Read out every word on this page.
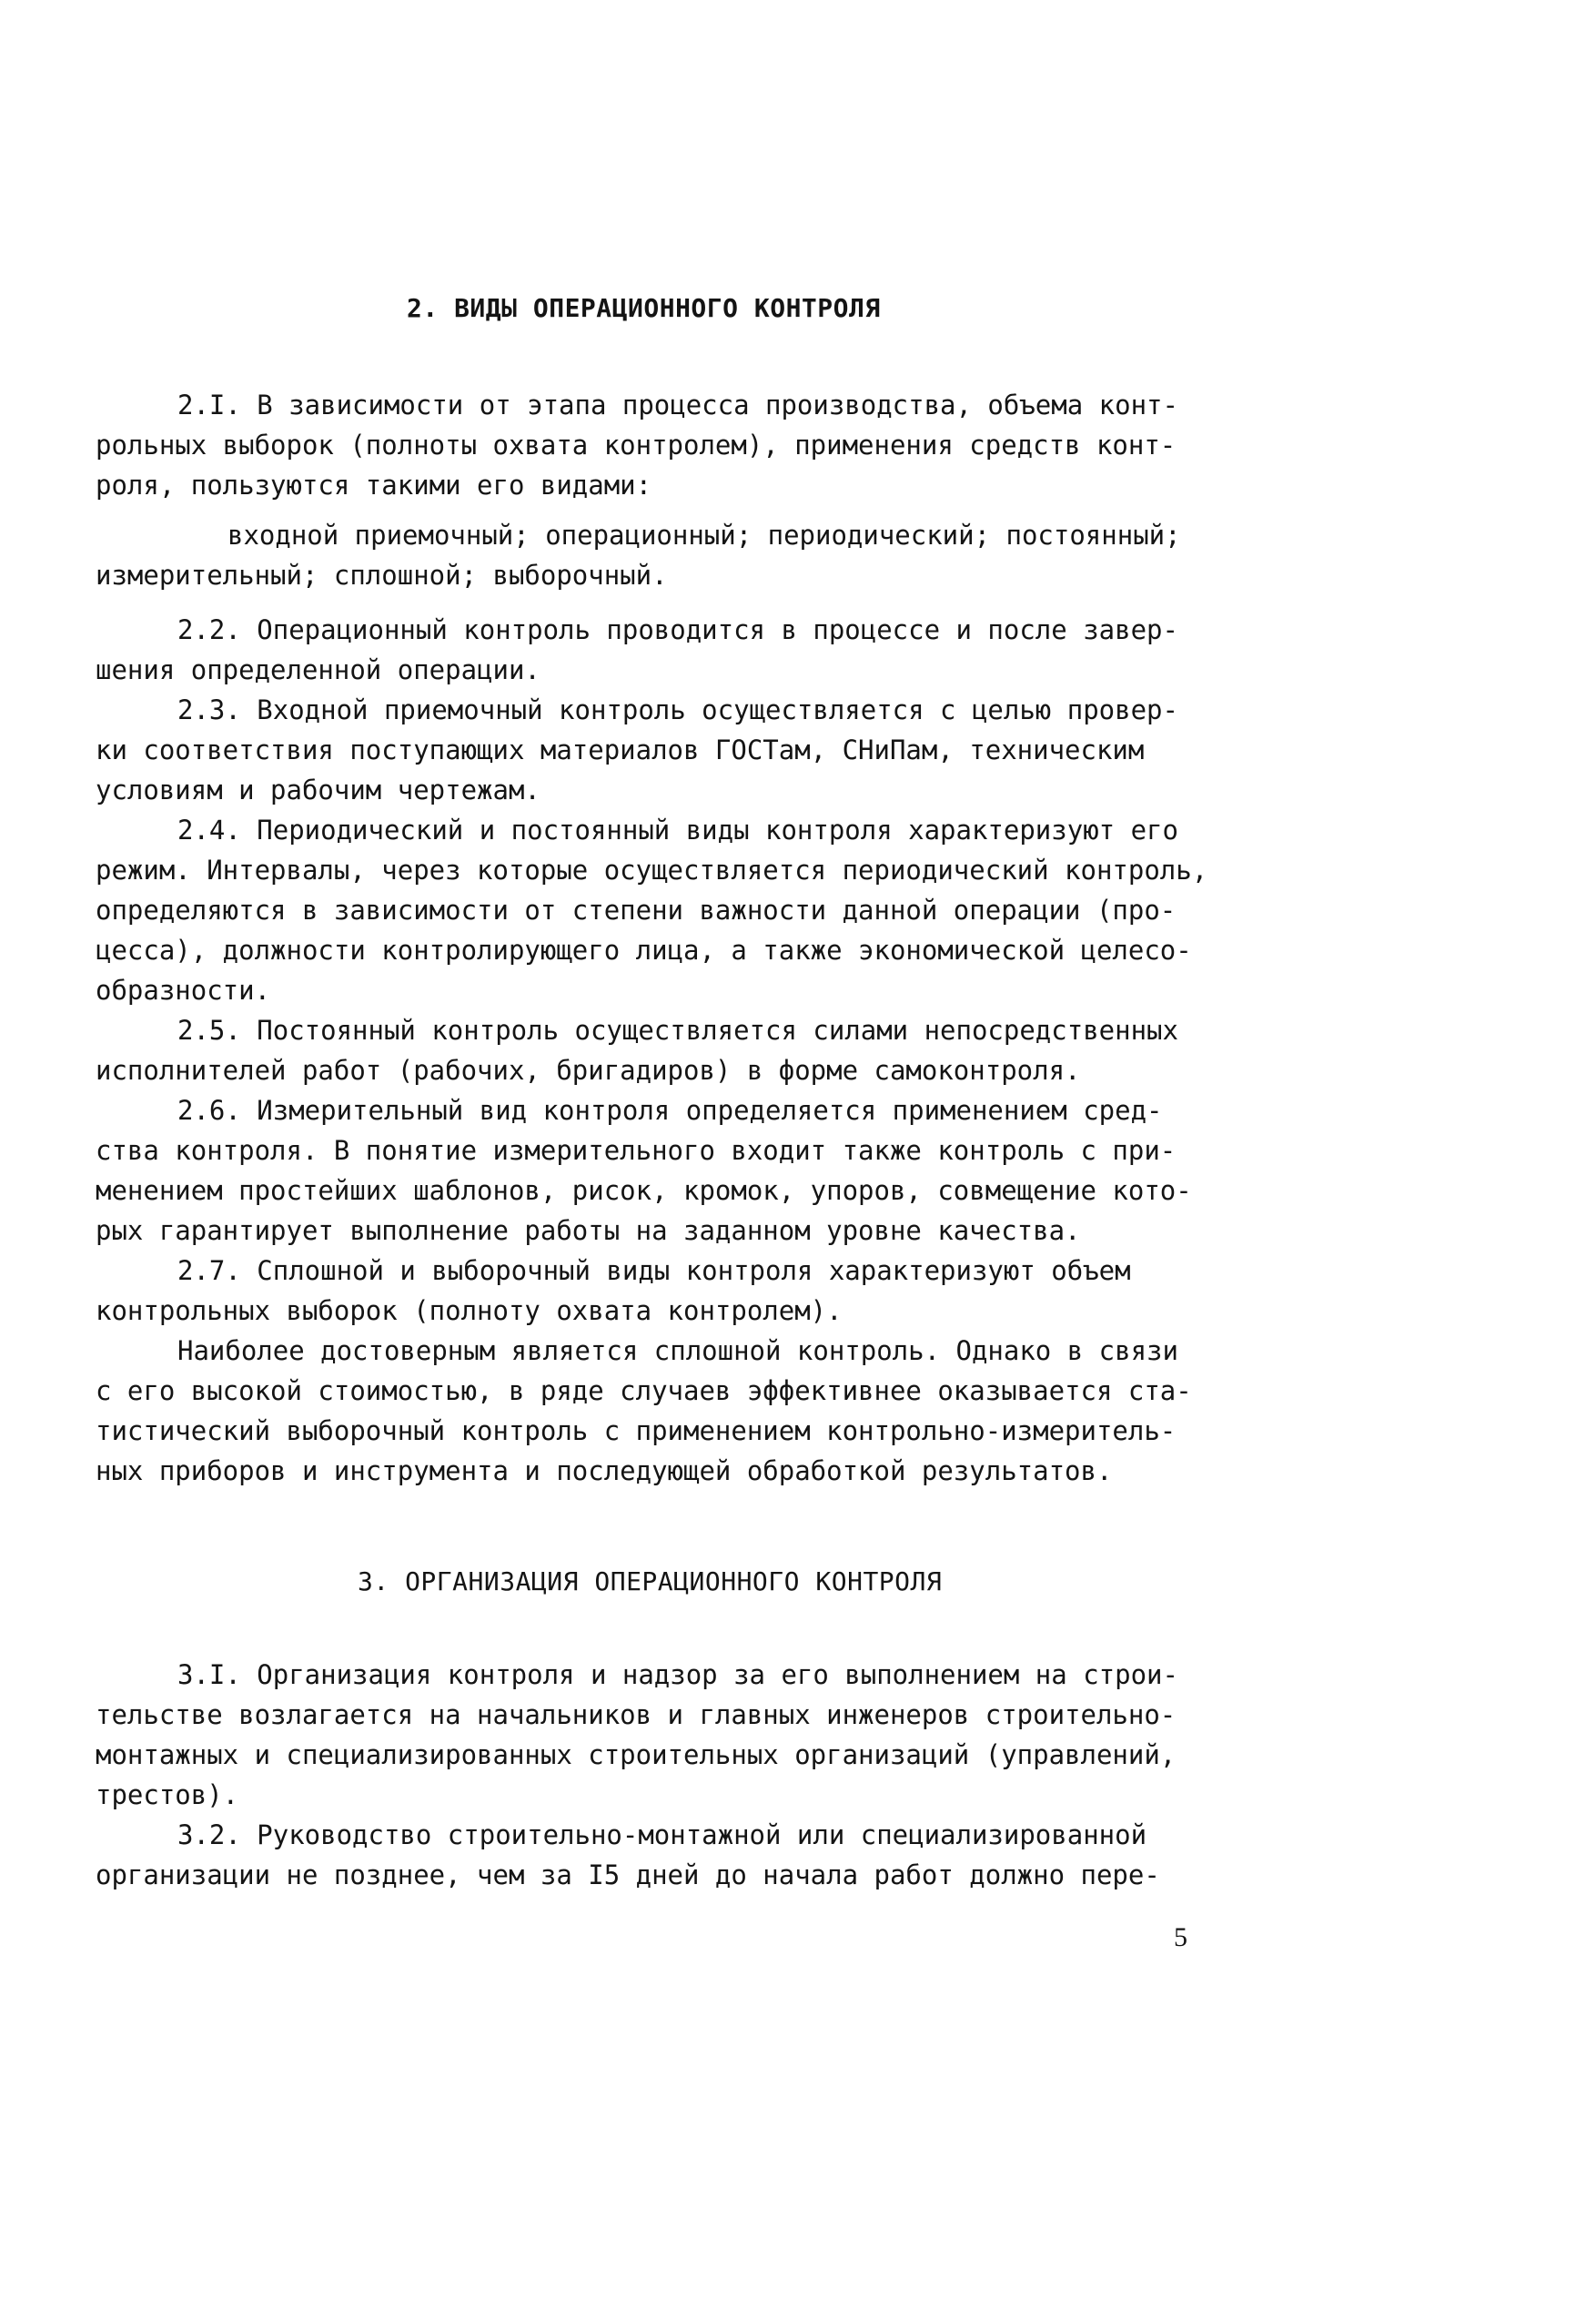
2. ВИДЫ ОПЕРАЦИОННОГО КОНТРОЛЯ
2.I. В зависимости от этапа процесса производства, объема конт-
рольных выборок (полноты охвата контролем), применения средств конт-
роля, пользуются такими его видами:
входной приемочный; операционный; периодический; постоянный;
измерительный; сплошной; выборочный.
2.2. Операционный контроль проводится в процессе и после завер-
шения определенной операции.
2.3. Входной приемочный контроль осуществляется с целью провер-
ки соответствия поступающих материалов ГОСТам, СНиПам, техническим
условиям и рабочим чертежам.
2.4. Периодический и постоянный виды контроля характеризуют его
режим. Интервалы, через которые осуществляется периодический контроль,
определяются в зависимости от степени важности данной операции (про-
цесса), должности контролирующего лица, а также экономической целесо-
образности.
2.5. Постоянный контроль осуществляется силами непосредственных
исполнителей работ (рабочих, бригадиров) в форме самоконтроля.
2.6. Измерительный вид контроля определяется применением сред-
ства контроля. В понятие измерительного входит также контроль с при-
менением простейших шаблонов, рисок, кромок, упоров, совмещение кото-
рых гарантирует выполнение работы на заданном уровне качества.
2.7. Сплошной и выборочный виды контроля характеризуют объем
контрольных выборок (полноту охвата контролем).
Наиболее достоверным является сплошной контроль. Однако в связи
с его высокой стоимостью, в ряде случаев эффективнее оказывается ста-
тистический выборочный контроль с применением контрольно-измеритель-
ных приборов и инструмента и последующей обработкой результатов.
3. ОРГАНИЗАЦИЯ ОПЕРАЦИОННОГО КОНТРОЛЯ
3.I. Организация контроля и надзор за его выполнением на строи-
тельстве возлагается на начальников и главных инженеров строительно-
монтажных и специализированных строительных организаций (управлений,
трестов).
3.2. Руководство строительно-монтажной или специализированной
организации не позднее, чем за I5 дней до начала работ должно пере-
5
